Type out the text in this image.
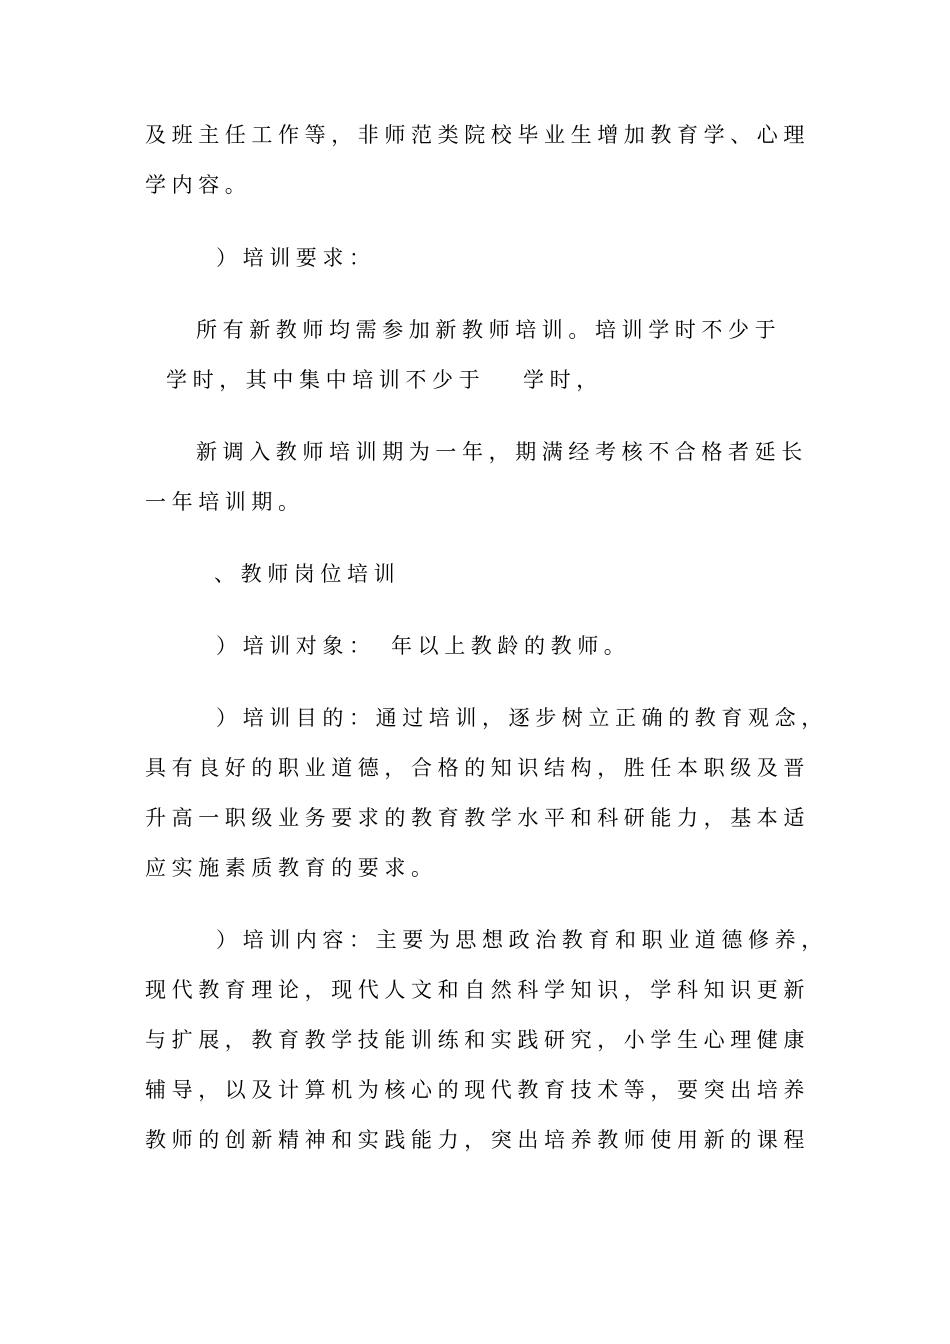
及班主任工作等，非师范类院校毕业生增加教育学、心理
学内容。
）培训要求：
所有新教师均需参加新教师培训。培训学时不少于
学时，其中集中培训不少于 学时，
新调入教师培训期为一年，期满经考核不合格者延长
一年培训期。
、教师岗位培训
）培训对象： 年以上教龄的教师。
）培训目的：通过培训，逐步树立正确的教育观念，
具有良好的职业道德，合格的知识结构，胜任本职级及晋
升高一职级业务要求的教育教学水平和科研能力，基本适
应实施素质教育的要求。
）培训内容：主要为思想政治教育和职业道德修养，
现代教育理论，现代人文和自然科学知识，学科知识更新
与扩展，教育教学技能训练和实践研究，小学生心理健康
辅导，以及计算机为核心的现代教育技术等，要突出培养
教师的创新精神和实践能力，突出培养教师使用新的课程
